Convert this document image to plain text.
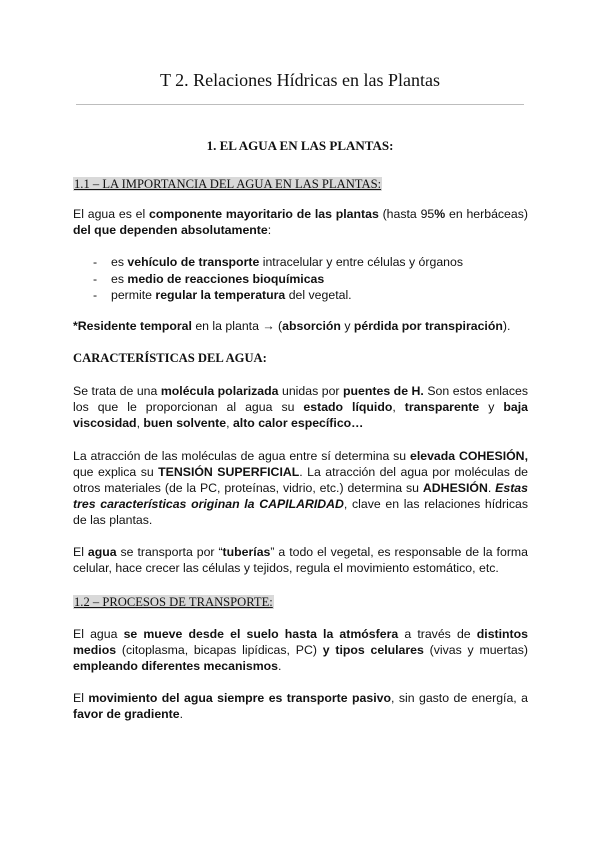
T 2. Relaciones Hídricas en las Plantas
1. EL AGUA EN LAS PLANTAS:
1.1 – LA IMPORTANCIA DEL AGUA EN LAS PLANTAS:
El agua es el componente mayoritario de las plantas (hasta 95% en herbáceas) del que dependen absolutamente:
- es vehículo de transporte intracelular y entre células y órganos
- es medio de reacciones bioquímicas
- permite regular la temperatura del vegetal.
*Residente temporal en la planta → (absorción y pérdida por transpiración).
CARACTERÍSTICAS DEL AGUA:
Se trata de una molécula polarizada unidas por puentes de H. Son estos enlaces los que le proporcionan al agua su estado líquido, transparente y baja viscosidad, buen solvente, alto calor específico…
La atracción de las moléculas de agua entre sí determina su elevada COHESIÓN, que explica su TENSIÓN SUPERFICIAL. La atracción del agua por moléculas de otros materiales (de la PC, proteínas, vidrio, etc.) determina su ADHESIÓN. Estas tres características originan la CAPILARIDAD, clave en las relaciones hídricas de las plantas.
El agua se transporta por “tuberías” a todo el vegetal, es responsable de la forma celular, hace crecer las células y tejidos, regula el movimiento estomático, etc.
1.2 – PROCESOS DE TRANSPORTE:
El agua se mueve desde el suelo hasta la atmósfera a través de distintos medios (citoplasma, bicapas lipídicas, PC) y tipos celulares (vivas y muertas) empleando diferentes mecanismos.
El movimiento del agua siempre es transporte pasivo, sin gasto de energía, a favor de gradiente.
